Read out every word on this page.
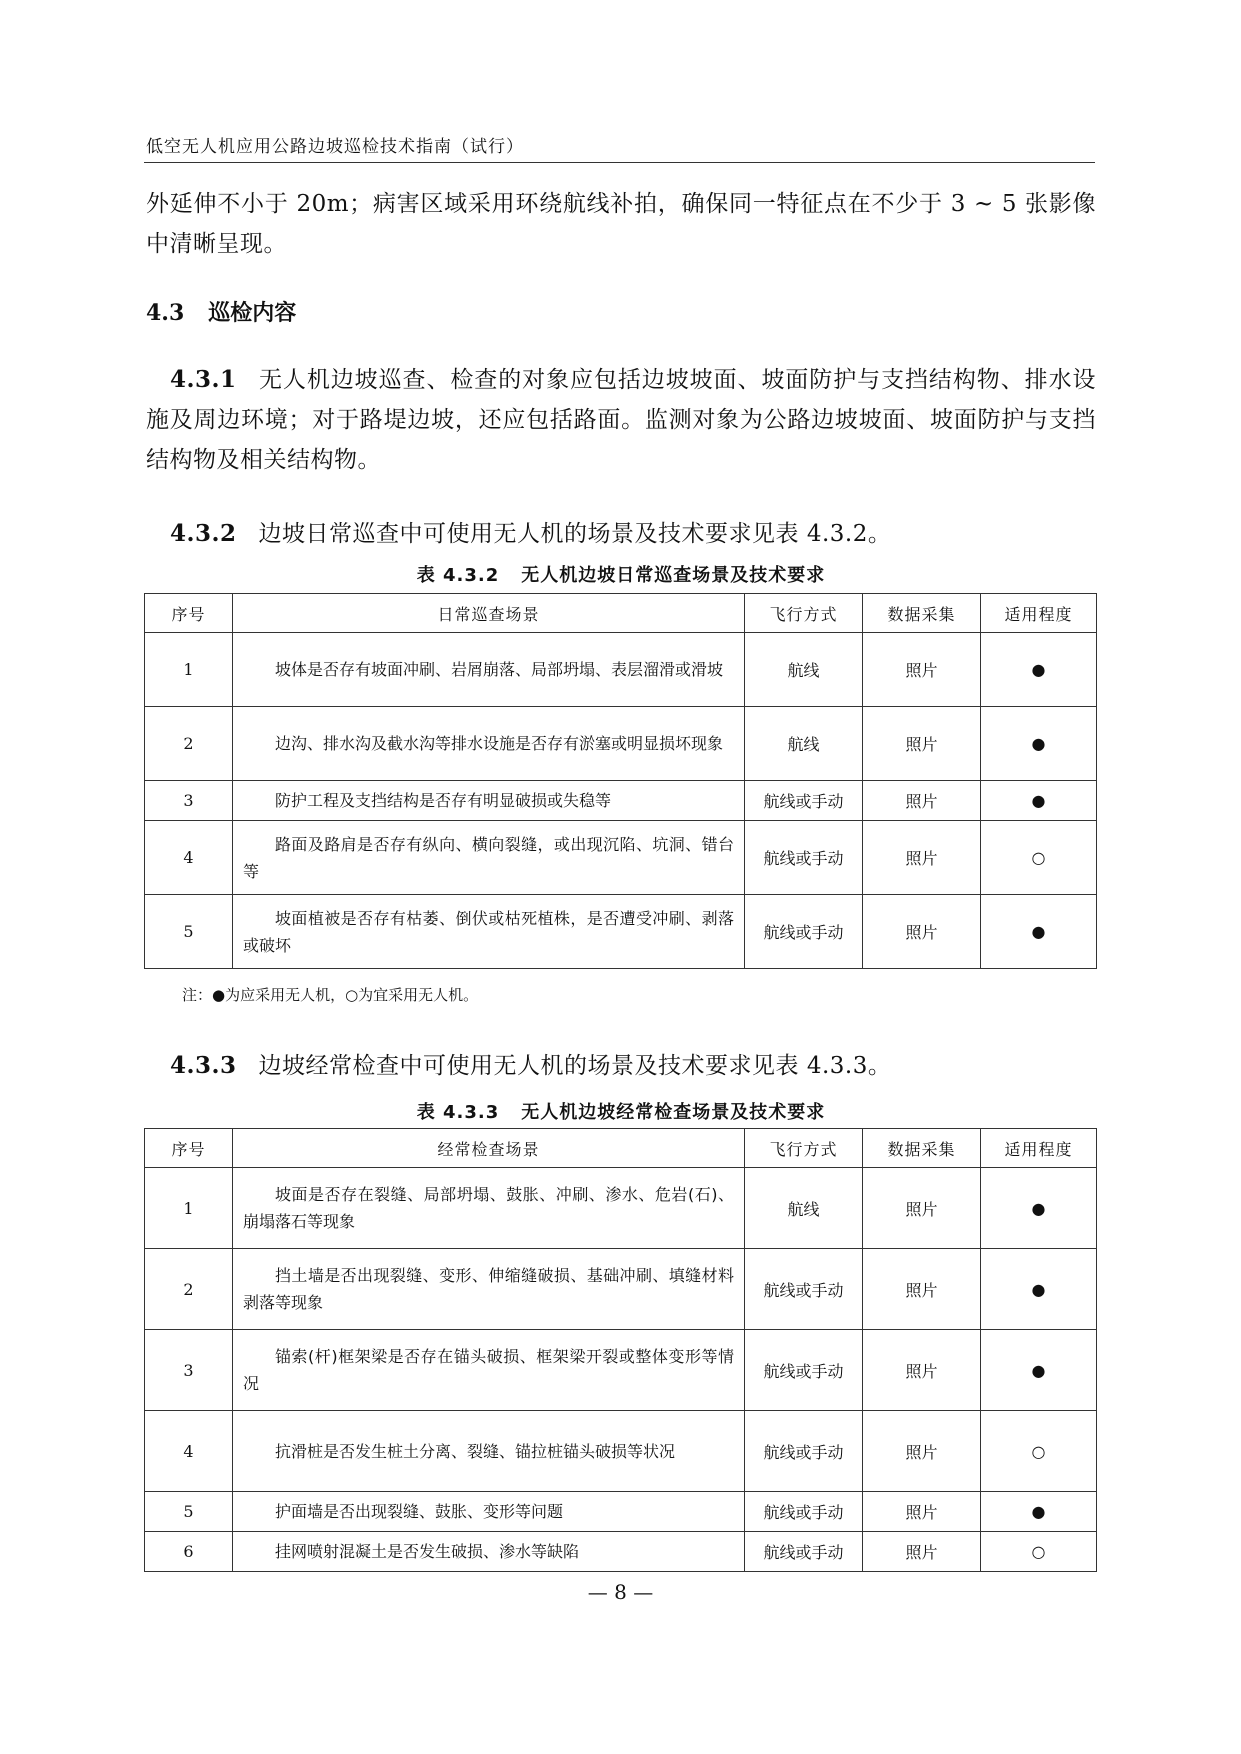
低空无人机应用公路边坡巡检技术指南（试行）

外延伸不小于 20m；病害区域采用环绕航线补拍，确保同一特征点在不少于 3 ~ 5 张影像中清晰呈现。

4.3 巡检内容

4.3.1 无人机边坡巡查、检查的对象应包括边坡坡面、坡面防护与支挡结构物、排水设施及周边环境；对于路堤边坡，还应包括路面。监测对象为公路边坡坡面、坡面防护与支挡结构物及相关结构物。

4.3.2 边坡日常巡查中可使用无人机的场景及技术要求见表 4.3.2。

表 4.3.2 无人机边坡日常巡查场景及技术要求
序号	日常巡查场景	飞行方式	数据采集	适用程度
1	坡体是否存有坡面冲刷、岩屑崩落、局部坍塌、表层溜滑或滑坡	航线	照片	●
2	边沟、排水沟及截水沟等排水设施是否存有淤塞或明显损坏现象	航线	照片	●
3	防护工程及支挡结构是否存有明显破损或失稳等	航线或手动	照片	●
4	路面及路肩是否存有纵向、横向裂缝，或出现沉陷、坑洞、错台等	航线或手动	照片	○
5	坡面植被是否存有枯萎、倒伏或枯死植株，是否遭受冲刷、剥落或破坏	航线或手动	照片	●
注：●为应采用无人机，○为宜采用无人机。

4.3.3 边坡经常检查中可使用无人机的场景及技术要求见表 4.3.3。

表 4.3.3 无人机边坡经常检查场景及技术要求
序号	经常检查场景	飞行方式	数据采集	适用程度
1	坡面是否存在裂缝、局部坍塌、鼓胀、冲刷、渗水、危岩(石)、崩塌落石等现象	航线	照片	●
2	挡土墙是否出现裂缝、变形、伸缩缝破损、基础冲刷、填缝材料剥落等现象	航线或手动	照片	●
3	锚索(杆)框架梁是否存在锚头破损、框架梁开裂或整体变形等情况	航线或手动	照片	●
4	抗滑桩是否发生桩土分离、裂缝、锚拉桩锚头破损等状况	航线或手动	照片	○
5	护面墙是否出现裂缝、鼓胀、变形等问题	航线或手动	照片	●
6	挂网喷射混凝土是否发生破损、渗水等缺陷	航线或手动	照片	○
— 8 —
